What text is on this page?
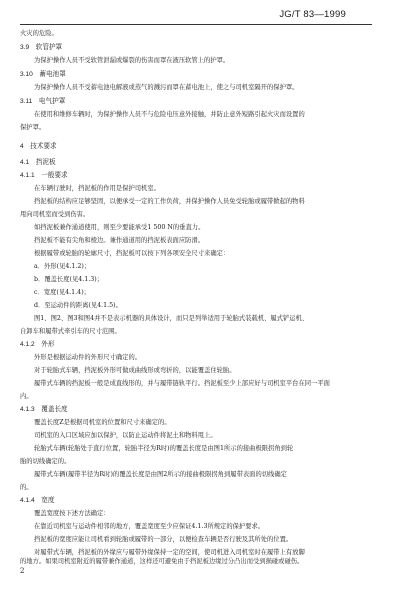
JG/T 83—1999
火灾的危险。
3.9　软管护罩
为保护操作人员不受软管泄漏或爆裂的伤害而罩在液压软管上的护罩。
3.10　蓄电池罩
为保护操作人员不受蓄电池电解液或蒸气的溅污而罩在蓄电池上，使之与司机室隔开的保护罩。
3.11　电气护罩
在使用和维修车辆时，为保护操作人员不与危险电压意外接触，并防止意外短路引起火灾而设置的
保护罩。
4　技术要求
4.1　挡泥板
4.1.1　一般要求
在车辆行驶时，挡泥板的作用是保护司机室。
挡泥板的结构应足够坚固，以便承受一定的工作负荷，并保护操作人员免受轮胎或履带掀起的物料
甩向司机室而受到伤害。
如挡泥板兼作通道使用，则至少要能承受1 500 N的垂直力。
挡泥板不能有尖角和棱边。兼作通道用的挡泥板表面应防滑。
根据履带或轮胎的轮廓尺寸，挡泥板可以按下列各项安全尺寸来确定：
a．外形(见4.1.2)；
b．覆盖长度(见4.1.3)；
c．宽度(见4.1.4)；
d．至运动件的距离(见4.1.5)。
图1、图2、图3和图4并不是表示机器的具体设计，而只是列举适用于轮胎式装载机、履式铲运机、
自卸车和履带式牵引车的尺寸范围。
4.1.2　外形
外形是根据运动件的外形尺寸确定的。
对于轮胎式车辆，挡泥板外形可做成曲线形或弯折的，以能覆盖住轮胎。
履带式车辆的挡泥板一般是成直线形的，并与履带链轨平行。挡泥板至少上部应好与司机室平台在同一平面
内。
4.1.3　覆盖长度
覆盖长度Z是根据司机室的位置和尺寸来确定的。
司机室的入口区域应加以保护，以防止运动件将泥土和物料甩上。
轮胎式车辆(轮胎处于直行位置，轮胎半径为R时)的覆盖长度是由图1所示的接曲极限拐角到轮
胎的切线确定的。
履带式车辆(履带半径为R时)的覆盖长度是由图2所示的接曲极限拐角到履带表面的切线确定
的。
4.1.4　宽度
覆盖宽度按下述方法确定：
在靠近司机室与运动件相邻的地方，覆盖宽度至少应保证4.1.3所规定的保护要求。
挡泥板的宽度应能让司机看到轮胎或履带的一部分，以便检查车辆是否行驶及其所处的位置。
对履带式车辆，挡泥板的外缘应与履带外缘保持一定的空间，使司机进入司机室时在履带上有放脚
的地方。如果司机室附近的履带兼作通道，这样还可避免由于挡泥板边缘过分凸出而受到损碰或碰伤。
2
